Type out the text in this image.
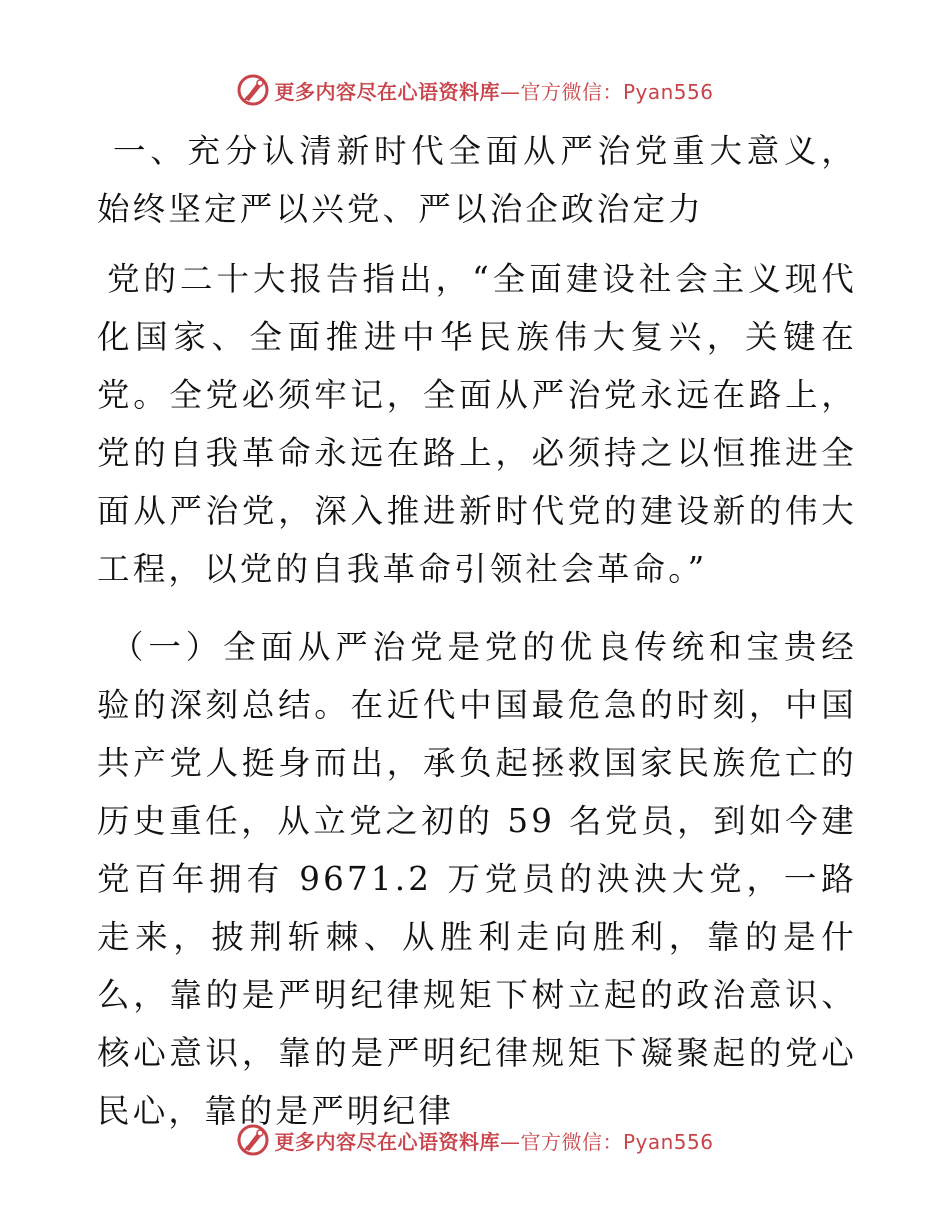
更多内容尽在心语资料库—官方微信：Pyan556

一、充分认清新时代全面从严治党重大意义，始终坚定严以兴党、严以治企政治定力

党的二十大报告指出，“全面建设社会主义现代化国家、全面推进中华民族伟大复兴，关键在党。全党必须牢记，全面从严治党永远在路上，党的自我革命永远在路上，必须持之以恒推进全面从严治党，深入推进新时代党的建设新的伟大工程，以党的自我革命引领社会革命。”

（一）全面从严治党是党的优良传统和宝贵经验的深刻总结。在近代中国最危急的时刻，中国共产党人挺身而出，承负起拯救国家民族危亡的历史重任，从立党之初的 59 名党员，到如今建党百年拥有 9671.2 万党员的泱泱大党，一路走来，披荆斩棘、从胜利走向胜利，靠的是什么，靠的是严明纪律规矩下树立起的政治意识、核心意识，靠的是严明纪律规矩下凝聚起的党心民心，靠的是严明纪律

更多内容尽在心语资料库—官方微信：Pyan556
